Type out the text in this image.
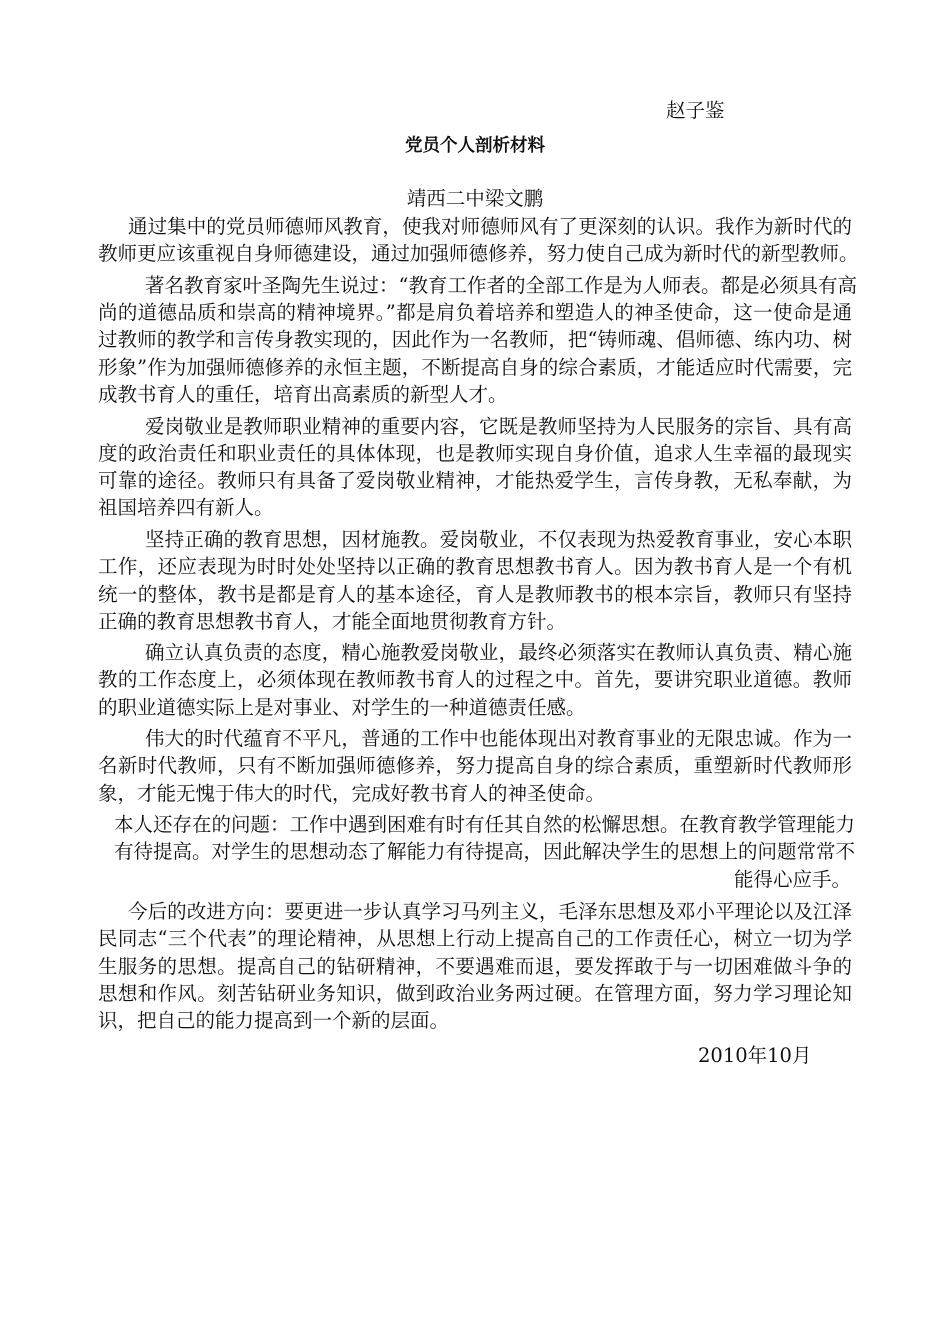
赵子鉴
党员个人剖析材料
靖西二中梁文鹏
通过集中的党员师德师风教育，使我对师德师风有了更深刻的认识。我作为新时代的
教师更应该重视自身师德建设，通过加强师德修养，努力使自己成为新时代的新型教师。
著名教育家叶圣陶先生说过：“教育工作者的全部工作是为人师表。都是必须具有高
尚的道德品质和崇高的精神境界。”都是肩负着培养和塑造人的神圣使命，这一使命是通
过教师的教学和言传身教实现的，因此作为一名教师，把“铸师魂、倡师德、练内功、树
形象”作为加强师德修养的永恒主题，不断提高自身的综合素质，才能适应时代需要，完
成教书育人的重任，培育出高素质的新型人才。
爱岗敬业是教师职业精神的重要内容，它既是教师坚持为人民服务的宗旨、具有高
度的政治责任和职业责任的具体体现，也是教师实现自身价值，追求人生幸福的最现实
可靠的途径。教师只有具备了爱岗敬业精神，才能热爱学生，言传身教，无私奉献，为
祖国培养四有新人。
坚持正确的教育思想，因材施教。爱岗敬业，不仅表现为热爱教育事业，安心本职
工作，还应表现为时时处处坚持以正确的教育思想教书育人。因为教书育人是一个有机
统一的整体，教书是都是育人的基本途径，育人是教师教书的根本宗旨，教师只有坚持
正确的教育思想教书育人，才能全面地贯彻教育方针。
确立认真负责的态度，精心施教爱岗敬业，最终必须落实在教师认真负责、精心施
教的工作态度上，必须体现在教师教书育人的过程之中。首先，要讲究职业道德。教师
的职业道德实际上是对事业、对学生的一种道德责任感。
伟大的时代蕴育不平凡，普通的工作中也能体现出对教育事业的无限忠诚。作为一
名新时代教师，只有不断加强师德修养，努力提高自身的综合素质，重塑新时代教师形
象，才能无愧于伟大的时代，完成好教书育人的神圣使命。
本人还存在的问题：工作中遇到困难有时有任其自然的松懈思想。在教育教学管理能力
有待提高。对学生的思想动态了解能力有待提高，因此解决学生的思想上的问题常常不
能得心应手。
今后的改进方向：要更进一步认真学习马列主义，毛泽东思想及邓小平理论以及江泽
民同志“三个代表”的理论精神，从思想上行动上提高自己的工作责任心，树立一切为学
生服务的思想。提高自己的钻研精神，不要遇难而退，要发挥敢于与一切困难做斗争的
思想和作风。刻苦钻研业务知识，做到政治业务两过硬。在管理方面，努力学习理论知
识，把自己的能力提高到一个新的层面。
2010年10月
